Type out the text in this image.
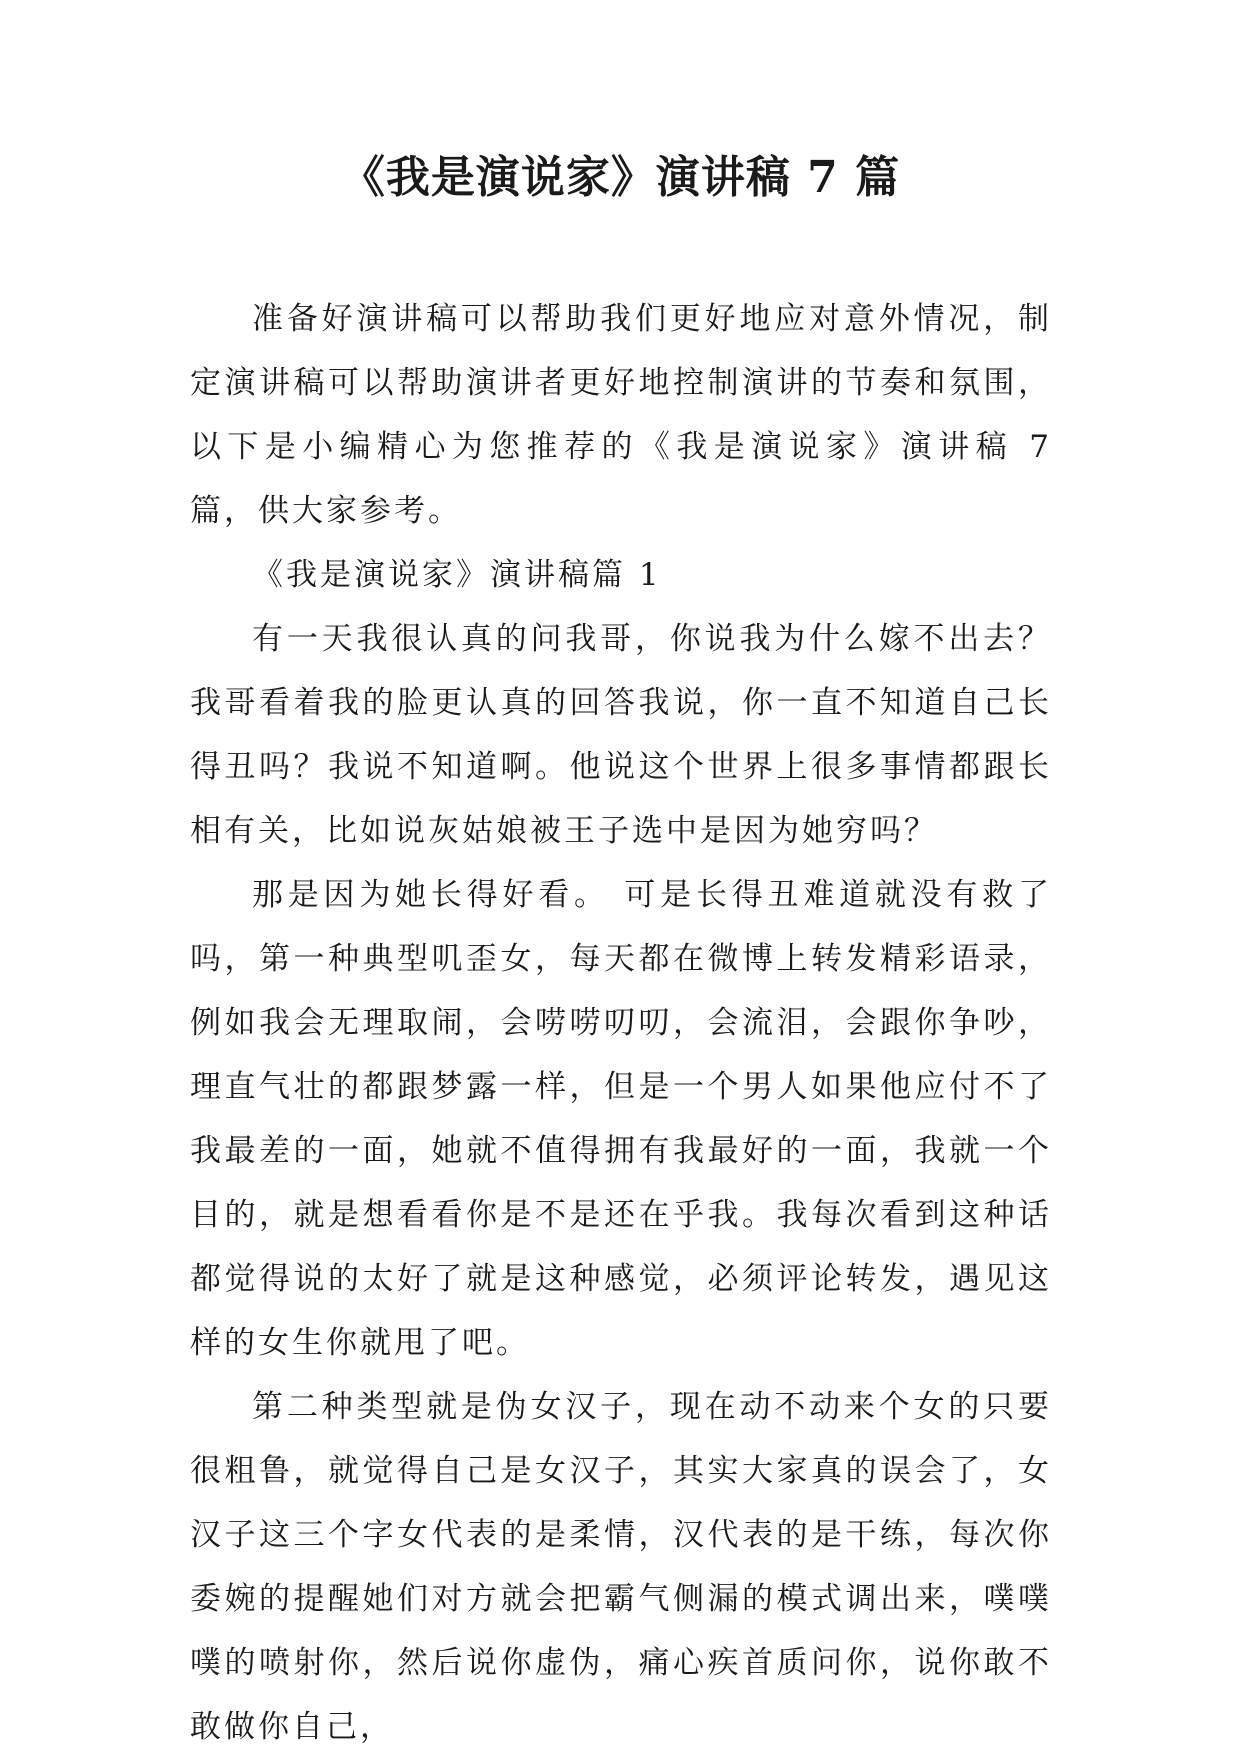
《我是演说家》演讲稿 7 篇

准备好演讲稿可以帮助我们更好地应对意外情况，制定演讲稿可以帮助演讲者更好地控制演讲的节奏和氛围，以下是小编精心为您推荐的《我是演说家》演讲稿 7 篇，供大家参考。

《我是演说家》演讲稿篇 1

有一天我很认真的问我哥，你说我为什么嫁不出去？我哥看着我的脸更认真的回答我说，你一直不知道自己长得丑吗？我说不知道啊。他说这个世界上很多事情都跟长相有关，比如说灰姑娘被王子选中是因为她穷吗？

那是因为她长得好看。 可是长得丑难道就没有救了吗，第一种典型叽歪女，每天都在微博上转发精彩语录，例如我会无理取闹，会唠唠叨叨，会流泪，会跟你争吵，理直气壮的都跟梦露一样，但是一个男人如果他应付不了我最差的一面，她就不值得拥有我最好的一面，我就一个目的，就是想看看你是不是还在乎我。我每次看到这种话都觉得说的太好了就是这种感觉，必须评论转发，遇见这样的女生你就甩了吧。

第二种类型就是伪女汉子，现在动不动来个女的只要很粗鲁，就觉得自己是女汉子，其实大家真的误会了，女汉子这三个字女代表的是柔情，汉代表的是干练，每次你委婉的提醒她们对方就会把霸气侧漏的模式调出来，噗噗噗的喷射你，然后说你虚伪，痛心疾首质问你，说你敢不敢做你自己，
